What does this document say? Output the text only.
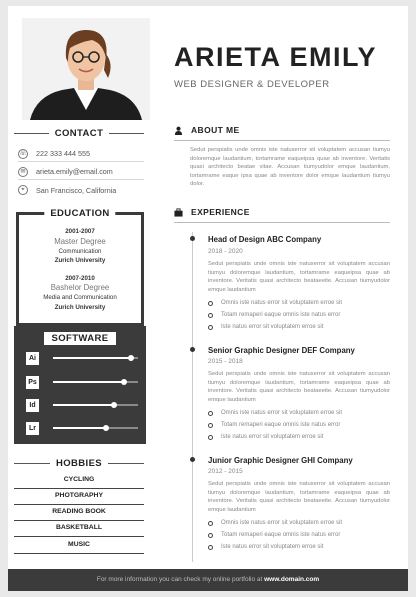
CONTACT
☏ 222 333 444 555
✉	arieta.emily@email.com
⌖	San Francisco, California
EDUCATION
2001-2007
Master Degree
Communication
Zurich University
2007-2010
Bashelor Degree
Media and Communication
Zurich University
SOFTWARE
Ai
Ps
Id
Lr
HOBBIES
CYCLING
PHOTGRAPHY
READING BOOK
BASKETBALL
MUSIC
ARIETA EMILY
WEB DESIGNER & DEVELOPER
ABOUT ME
Sedut perspiatis unde omnis iste natuserror sit voluptatem accusan tiumyu doloremque laudantium, tortamrame eaqueipsa quae ab inventore. Veritatis quasi architecto beatae vitae. Accusan tiumyudolor emque laudantium, tortamrame eaque ipsa quae ab inventore dolor emque laudantium tiumyu dolor.
EXPERIENCE
Head of Design ABC Company
2018 - 2020
Sedut perspiatis unde omnis iste natuserror sit voluptatem accusan tiumyu doloremque laudantium, tortamrame eaqueipsa quae ab inventore. Veritatis quasi architecto beataeeite. Accusan tiumyudolor emque laudantium
Omnis iste natus error sit voluptatem erroe sit
Totam remaperi eaque omnis iste natus error
Iste natus error sit voluptatem erroe sit
Senior Graphic Designer DEF Company
2015 - 2018
Sedut perspiatis unde omnis iste natuserror sit voluptatem accusan tiumyu doloremque laudantium, tortamrame eaqueipsa quae ab inventore. Veritatis quasi architecto beataeeite. Accusan tiumyudolor emque laudantium
Omnis iste natus error sit voluptatem erroe sit
Totam remaperi eaque omnis iste natus error
Iste natus error sit voluptatem erroe sit
Junior Graphic Designer GHI Company
2012 - 2015
Sedut perspiatis unde omnis iste natuserror sit voluptatem accusan tiumyu doloremque laudantium, tortamrame eaqueipsa quae ab inventore. Veritatis quasi architecto beataeeite. Accusan tiumyudolor emque laudantium
Omnis iste natus error sit voluptatem erroe sit
Totam remaperi eaque omnis iste natus error
Iste natus error sit voluptatem erroe sit
For more information you can check my online portfolio at www.domain.com
